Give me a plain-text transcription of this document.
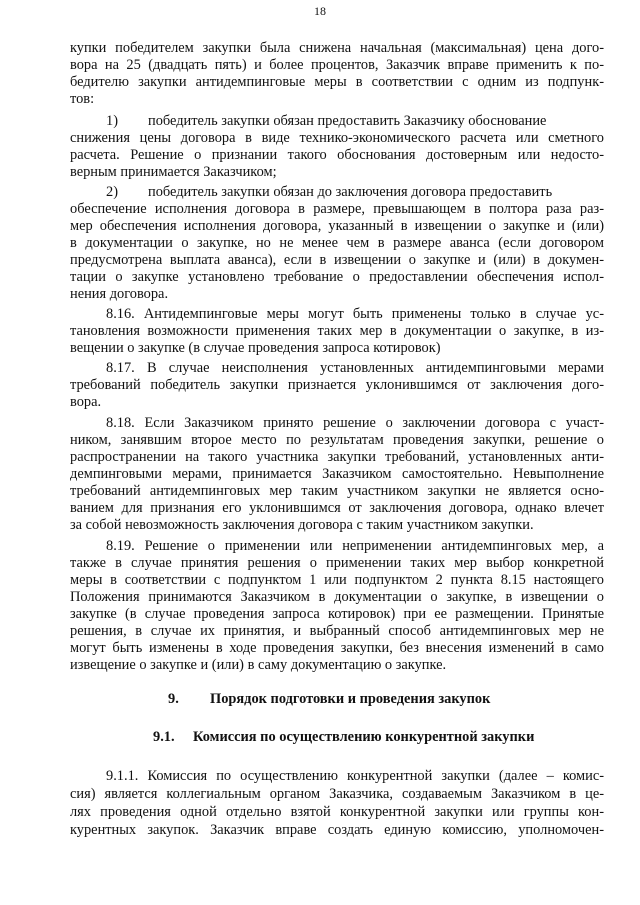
18
купки победителем закупки была снижена начальная (максимальная) цена дого-
вора на 25 (двадцать пять) и более процентов, Заказчик вправе применить к по-
бедителю закупки антидемпинговые меры в соответствии с одним из подпунк-
тов:
1) победитель закупки обязан предоставить Заказчику обоснование
снижения цены договора в виде технико-экономического расчета или сметного
расчета. Решение о признании такого обоснования достоверным или недосто-
верным принимается Заказчиком;
2) победитель закупки обязан до заключения договора предоставить
обеспечение исполнения договора в размере, превышающем в полтора раза раз-
мер обеспечения исполнения договора, указанный в извещении о закупке и (или)
в документации о закупке, но не менее чем в размере аванса (если договором
предусмотрена выплата аванса), если в извещении о закупке и (или) в докумен-
тации о закупке установлено требование о предоставлении обеспечения испол-
нения договора.
8.16. Антидемпинговые меры могут быть применены только в случае ус-
тановления возможности применения таких мер в документации о закупке, в из-
вещении о закупке (в случае проведения запроса котировок)
8.17. В случае неисполнения установленных антидемпинговыми мерами
требований победитель закупки признается уклонившимся от заключения дого-
вора.
8.18. Если Заказчиком принято решение о заключении договора с участ-
ником, занявшим второе место по результатам проведения закупки, решение о
распространении на такого участника закупки требований, установленных анти-
демпинговыми мерами, принимается Заказчиком самостоятельно. Невыполнение
требований антидемпинговых мер таким участником закупки не является осно-
ванием для признания его уклонившимся от заключения договора, однако влечет
за собой невозможность заключения договора с таким участником закупки.
8.19. Решение о применении или неприменении антидемпинговых мер, а
также в случае принятия решения о применении таких мер выбор конкретной
меры в соответствии с подпунктом 1 или подпунктом 2 пункта 8.15 настоящего
Положения принимаются Заказчиком в документации о закупке, в извещении о
закупке (в случае проведения запроса котировок) при ее размещении. Принятые
решения, в случае их принятия, и выбранный способ антидемпинговых мер не
могут быть изменены в ходе проведения закупки, без внесения изменений в само
извещение о закупке и (или) в саму документацию о закупке.
9. Порядок подготовки и проведения закупок
9.1. Комиссия по осуществлению конкурентной закупки
9.1.1. Комиссия по осуществлению конкурентной закупки (далее – комис-
сия) является коллегиальным органом Заказчика, создаваемым Заказчиком в це-
лях проведения одной отдельно взятой конкурентной закупки или группы кон-
курентных закупок. Заказчик вправе создать единую комиссию, уполномочен-
